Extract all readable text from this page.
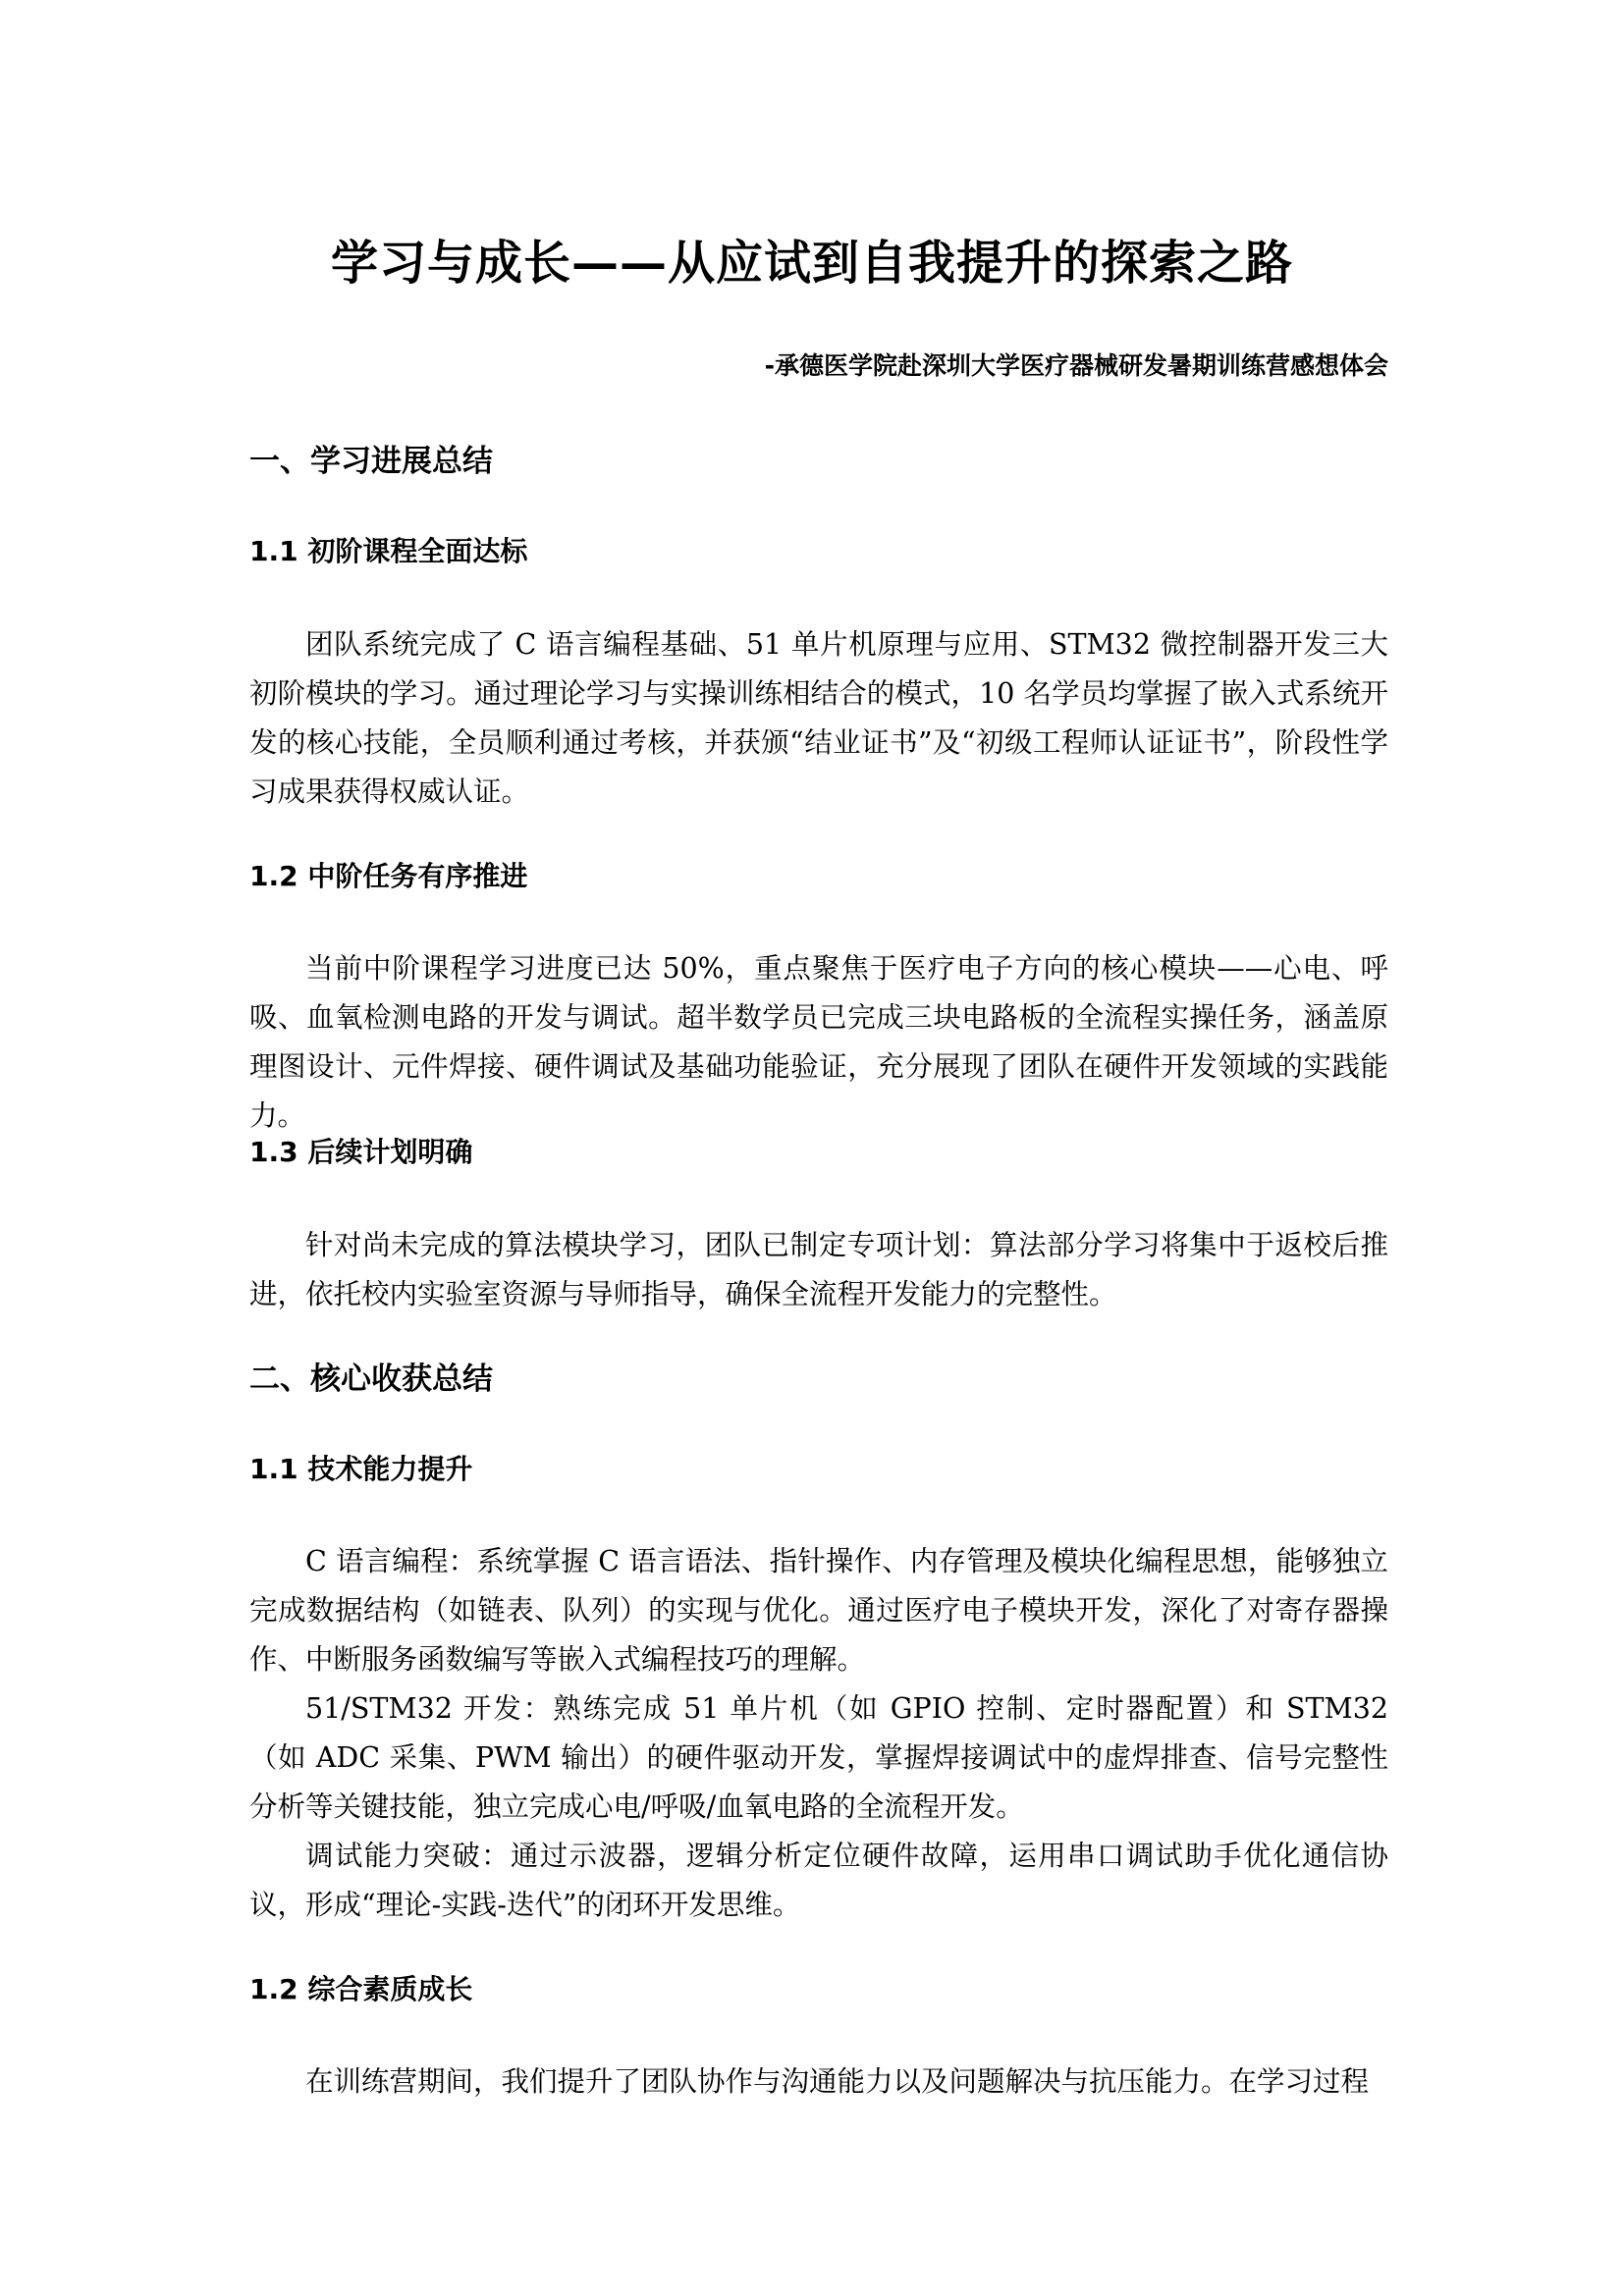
学习与成长——从应试到自我提升的探索之路
-承德医学院赴深圳大学医疗器械研发暑期训练营感想体会
一、学习进展总结
1.1 初阶课程全面达标

团队系统完成了 C 语言编程基础、51 单片机原理与应用、STM32 微控制器开发三大初阶模块的学习。通过理论学习与实操训练相结合的模式，10 名学员均掌握了嵌入式系统开发的核心技能，全员顺利通过考核，并获颁“结业证书”及“初级工程师认证证书”，阶段性学习成果获得权威认证。

1.2 中阶任务有序推进

当前中阶课程学习进度已达 50%，重点聚焦于医疗电子方向的核心模块——心电、呼吸、血氧检测电路的开发与调试。超半数学员已完成三块电路板的全流程实操任务，涵盖原理图设计、元件焊接、硬件调试及基础功能验证，充分展现了团队在硬件开发领域的实践能力。

1.3 后续计划明确

针对尚未完成的算法模块学习，团队已制定专项计划：算法部分学习将集中于返校后推进，依托校内实验室资源与导师指导，确保全流程开发能力的完整性。

二、核心收获总结
1.1 技术能力提升

C 语言编程：系统掌握 C 语言语法、指针操作、内存管理及模块化编程思想，能够独立完成数据结构（如链表、队列）的实现与优化。通过医疗电子模块开发，深化了对寄存器操作、中断服务函数编写等嵌入式编程技巧的理解。

51/STM32 开发：熟练完成 51 单片机（如 GPIO 控制、定时器配置）和 STM32（如 ADC 采集、PWM 输出）的硬件驱动开发，掌握焊接调试中的虚焊排查、信号完整性分析等关键技能，独立完成心电/呼吸/血氧电路的全流程开发。

调试能力突破：通过示波器，逻辑分析定位硬件故障，运用串口调试助手优化通信协议，形成“理论-实践-迭代”的闭环开发思维。

1.2 综合素质成长

在训练营期间，我们提升了团队协作与沟通能力以及问题解决与抗压能力。在学习过程
